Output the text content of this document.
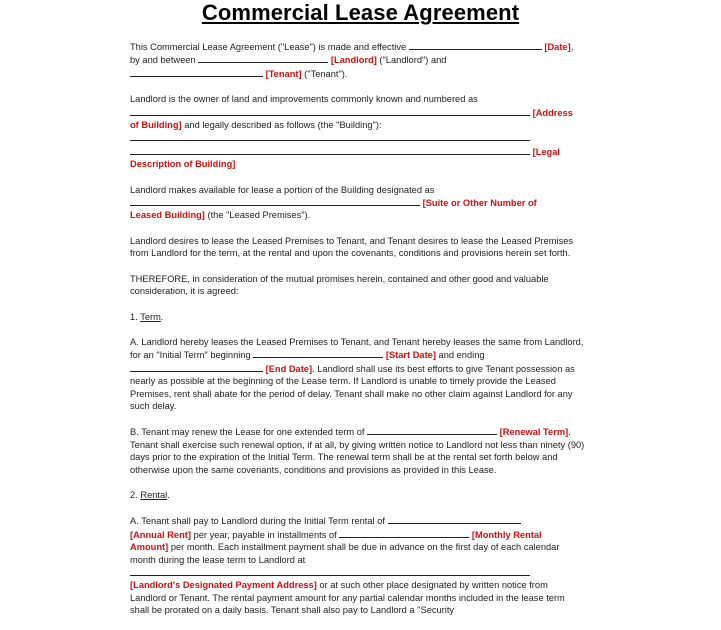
Commercial Lease Agreement

This Commercial Lease Agreement ("Lease") is made and effective	[Date], by and between	[Landlord] ("Landlord") and
[Tenant] ("Tenant").

Landlord is the owner of land and improvements commonly known and numbered as
[Address
of Building] and legally described as follows (the "Building"):

[Legal
Description of Building]

Landlord makes available for lease a portion of the Building designated as
[Suite or Other Number of
Leased Building] (the "Leased Premises").

Landlord desires to lease the Leased Premises to Tenant, and Tenant desires to lease the Leased Premises from Landlord for the term, at the rental and upon the covenants, conditions and provisions herein set forth.

THEREFORE, in consideration of the mutual promises herein, contained and other good and valuable consideration, it is agreed:

1. Term.

A. Landlord hereby leases the Leased Premises to Tenant, and Tenant hereby leases the same from Landlord, for an "Initial Term" beginning	[Start Date] and ending  [End Date]. Landlord shall use its best efforts to give Tenant possession as nearly as possible at the beginning of the Lease term. If Landlord is unable to timely provide the Leased Premises, rent shall abate for the period of delay. Tenant shall make no other claim against Landlord for any such delay.

B. Tenant may renew the Lease for one extended term of	[Renewal Term]. Tenant shall exercise such renewal option, if at all, by giving written notice to Landlord not less than ninety (90) days prior to the expiration of the Initial Term. The renewal term shall be at the rental set forth below and otherwise upon the same covenants, conditions and provisions as provided in this Lease.

2. Rental.

A. Tenant shall pay to Landlord during the Initial Term rental of
[Annual Rent] per year, payable in installments of	[Monthly Rental
Amount] per month. Each installment payment shall be due in advance on the first day of each calendar month during the lease term to Landlord at

[Landlord's Designated Payment Address] or at such other place designated by written notice from Landlord or Tenant. The rental payment amount for any partial calendar months included in the lease term shall be prorated on a daily basis. Tenant shall also pay to Landlord a "Security
